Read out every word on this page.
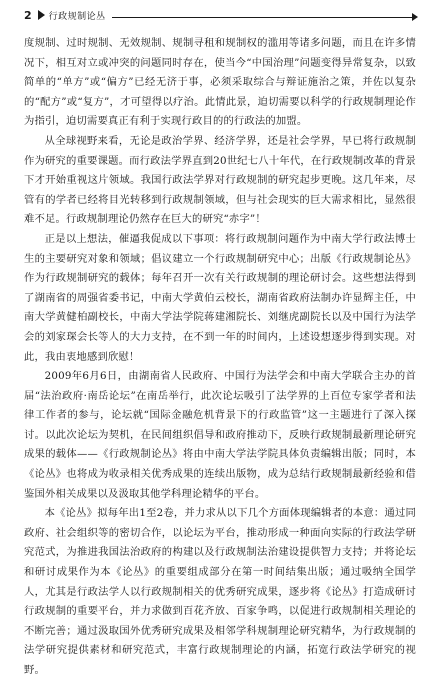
2 行政规制论丛

度规制、过时规制、无效规制、规制寻租和规制权的滥用等诸多问题，而且在许多情况下，相互对立或冲突的问题同时存在，使当今“中国治理”问题变得异常复杂，以致简单的“单方”或“偏方”已经无济于事，必须采取综合与辩证施治之策，并佐以复杂的“配方”或“复方”，才可望得以疗治。此情此景，迫切需要以科学的行政规制理论作为指引，迫切需要真正有利于实现行政目的的行政法的加盟。

从全球视野来看，无论是政治学界、经济学界，还是社会学界，早已将行政规制作为研究的重要课题。而行政法学界直到20世纪七八十年代，在行政规制改革的背景下才开始重视这片领域。我国行政法学界对行政规制的研究起步更晚。这几年来，尽管有的学者已经将目光转移到行政规制领域，但与社会现实的巨大需求相比，显然很难不足。行政规制理论仍然存在巨大的研究“赤字”！

正是以上想法，催逼我促成以下事项：将行政规制问题作为中南大学行政法博士生的主要研究对象和领域；倡议建立一个行政规制研究中心；出版《行政规制论丛》作为行政规制研究的载体；每年召开一次有关行政规制的理论研讨会。这些想法得到了湖南省的周强省委书记，中南大学黄伯云校长，湖南省政府法制办许显辉主任，中南大学黄健柏副校长，中南大学法学院蒋建湘院长、刘继虎副院长以及中国行为法学会的刘家琛会长等人的大力支持，在不到一年的时间内，上述设想逐步得到实现。对此，我由衷地感到欣慰！

2009年6月6日，由湖南省人民政府、中国行为法学会和中南大学联合主办的首届“法治政府·南岳论坛”在南岳举行，此次论坛吸引了法学界的上百位专家学者和法律工作者的参与，论坛就“国际金融危机背景下的行政监管”这一主题进行了深入探讨。以此次论坛为契机，在民间组织倡导和政府推动下，反映行政规制最新理论研究成果的载体——《行政规制论丛》将由中南大学法学院具体负责编辑出版；同时，本《论丛》也将成为收录相关优秀成果的连续出版物，成为总结行政规制最新经验和借鉴国外相关成果以及汲取其他学科理论精华的平台。

本《论丛》拟每年出1至2卷，并力求从以下几个方面体现编辑者的本意：通过同政府、社会组织等的密切合作，以论坛为平台，推动形成一种面向实际的行政法学研究范式，为推进我国法治政府的构建以及行政规制法治建设提供智力支持；并将论坛和研讨成果作为本《论丛》的重要组成部分在第一时间结集出版；通过吸纳全国学人，尤其是行政法学人以行政规制相关的优秀研究成果，逐步将《论丛》打造成研讨行政规制的重要平台，并力求做到百花齐放、百家争鸣，以促进行政规制相关理论的不断完善；通过汲取国外优秀研究成果及相邻学科规制理论研究精华，为行政规制的法学研究提供素材和研究范式，丰富行政规制理论的内涵，拓宽行政法学研究的视野。
